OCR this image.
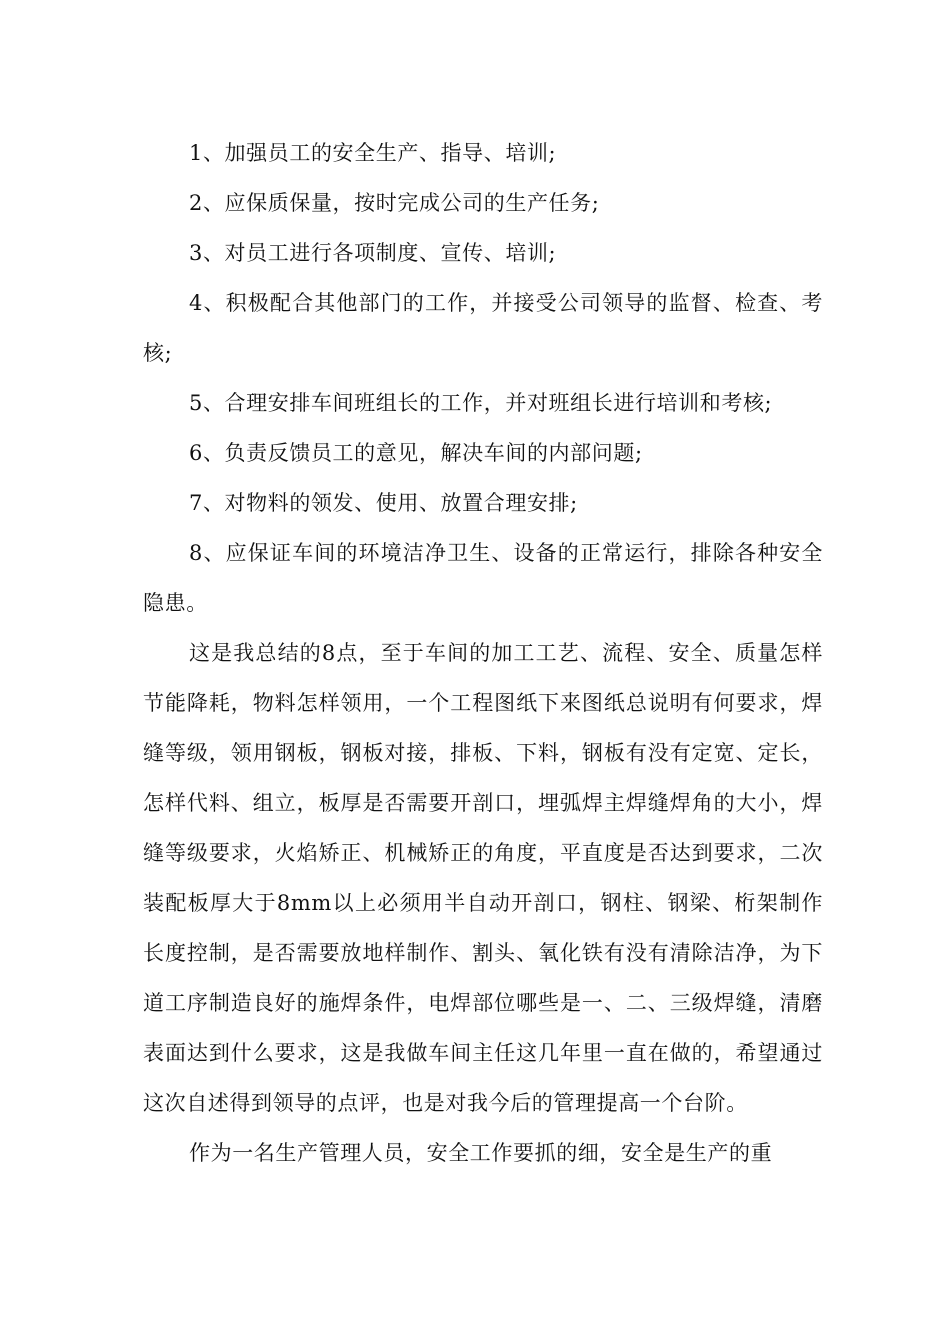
1、加强员工的安全生产、指导、培训;

2、应保质保量，按时完成公司的生产任务;

3、对员工进行各项制度、宣传、培训;

4、积极配合其他部门的工作，并接受公司领导的监督、检查、考核;

5、合理安排车间班组长的工作，并对班组长进行培训和考核;

6、负责反馈员工的意见，解决车间的内部问题;

7、对物料的领发、使用、放置合理安排;

8、应保证车间的环境洁净卫生、设备的正常运行，排除各种安全隐患。

这是我总结的8点，至于车间的加工工艺、流程、安全、质量怎样节能降耗，物料怎样领用，一个工程图纸下来图纸总说明有何要求，焊缝等级，领用钢板，钢板对接，排板、下料，钢板有没有定宽、定长，怎样代料、组立，板厚是否需要开剖口，埋弧焊主焊缝焊角的大小，焊缝等级要求，火焰矫正、机械矫正的角度，平直度是否达到要求，二次装配板厚大于8mm以上必须用半自动开剖口，钢柱、钢梁、桁架制作长度控制，是否需要放地样制作、割头、氧化铁有没有清除洁净，为下道工序制造良好的施焊条件，电焊部位哪些是一、二、三级焊缝，清磨表面达到什么要求，这是我做车间主任这几年里一直在做的，希望通过这次自述得到领导的点评，也是对我今后的管理提高一个台阶。

作为一名生产管理人员，安全工作要抓的细，安全是生产的重
